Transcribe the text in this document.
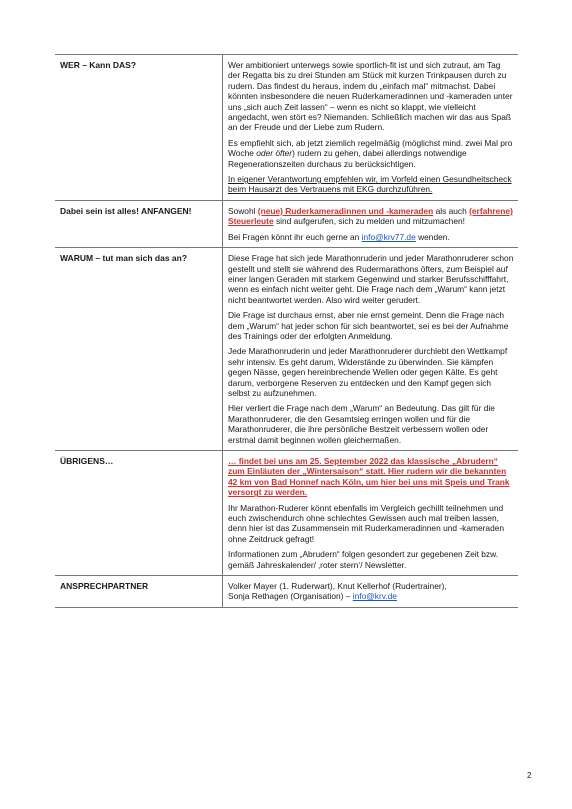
WER – Kann DAS?	Wer ambitioniert unterwegs sowie sportlich-fit ist und sich zutraut, am Tag der Regatta bis zu drei Stunden am Stück mit kurzen Trinkpausen durch zu rudern. Das findest du heraus, indem du „einfach mal“ mitmachst. Dabei könnten insbesondere die neuen Ruderkameradinnen und -kameraden unter uns „sich auch Zeit lassen“ – wenn es nicht so klappt, wie vielleicht angedacht, wen stört es? Niemanden. Schließlich machen wir das aus Spaß an der Freude und der Liebe zum Rudern.

Es empfiehlt sich, ab jetzt ziemlich regelmäßig (möglichst mind. zwei Mal pro Woche oder öfter) rudern zu gehen, dabei allerdings notwendige Regenerationszeiten durchaus zu berücksichtigen.

In eigener Verantwortung empfehlen wir, im Vorfeld einen Gesundheitscheck beim Hausarzt des Vertrauens mit EKG durchzuführen.

Dabei sein ist alles! ANFANGEN!	Sowohl (neue) Ruderkameradinnen und -kameraden als auch (erfahrene) Steuerleute sind aufgerufen, sich zu melden und mitzumachen!

Bei Fragen könnt ihr euch gerne an info@krv77.de wenden.

WARUM – tut man sich das an?	Diese Frage hat sich jede Marathonruderin und jeder Marathonruderer schon gestellt und stellt sie während des Rudermarathons öfters, zum Beispiel auf einer langen Geraden mit starkem Gegenwind und starker Berufsschifffahrt, wenn es einfach nicht weiter geht. Die Frage nach dem „Warum“ kann jetzt nicht beantwortet werden. Also wird weiter gerudert.

Die Frage ist durchaus ernst, aber nie ernst gemeint. Denn die Frage nach dem „Warum“ hat jeder schon für sich beantwortet, sei es bei der Aufnahme des Trainings oder der erfolgten Anmeldung.

Jede Marathonruderin und jeder Marathonruderer durchlebt den Wettkampf sehr intensiv. Es geht darum, Widerstände zu überwinden. Sie kämpfen gegen Nässe, gegen hereinbrechende Wellen oder gegen Kälte. Es geht darum, verborgene Reserven zu entdecken und den Kampf gegen sich selbst zu aufzunehmen.

Hier verliert die Frage nach dem „Warum“ an Bedeutung. Das gilt für die Marathonruderer, die den Gesamtsieg erringen wollen und für die Marathonruderer, die ihre persönliche Bestzeit verbessern wollen oder erstmal damit beginnen wollen gleichermaßen.

ÜBRIGENS…	… findet bei uns am 25. September 2022 das klassische „Abrudern“ zum Einläuten der „Wintersaison“ statt. Hier rudern wir die bekannten 42 km von Bad Honnef nach Köln, um hier bei uns mit Speis und Trank versorgt zu werden.

Ihr Marathon-Ruderer könnt ebenfalls im Vergleich gechillt teilnehmen und euch zwischendurch ohne schlechtes Gewissen auch mal treiben lassen, denn hier ist das Zusammensein mit Ruderkameradinnen und -kameraden ohne Zeitdruck gefragt!

Informationen zum „Abrudern“ folgen gesondert zur gegebenen Zeit bzw. gemäß Jahreskalender/ ‚roter stern‘/ Newsletter.

ANSPRECHPARTNER	Volker Mayer (1. Ruderwart), Knut Kellerhof (Rudertrainer),

Sonja Rethagen (Organisation) – info@krv.de

2
